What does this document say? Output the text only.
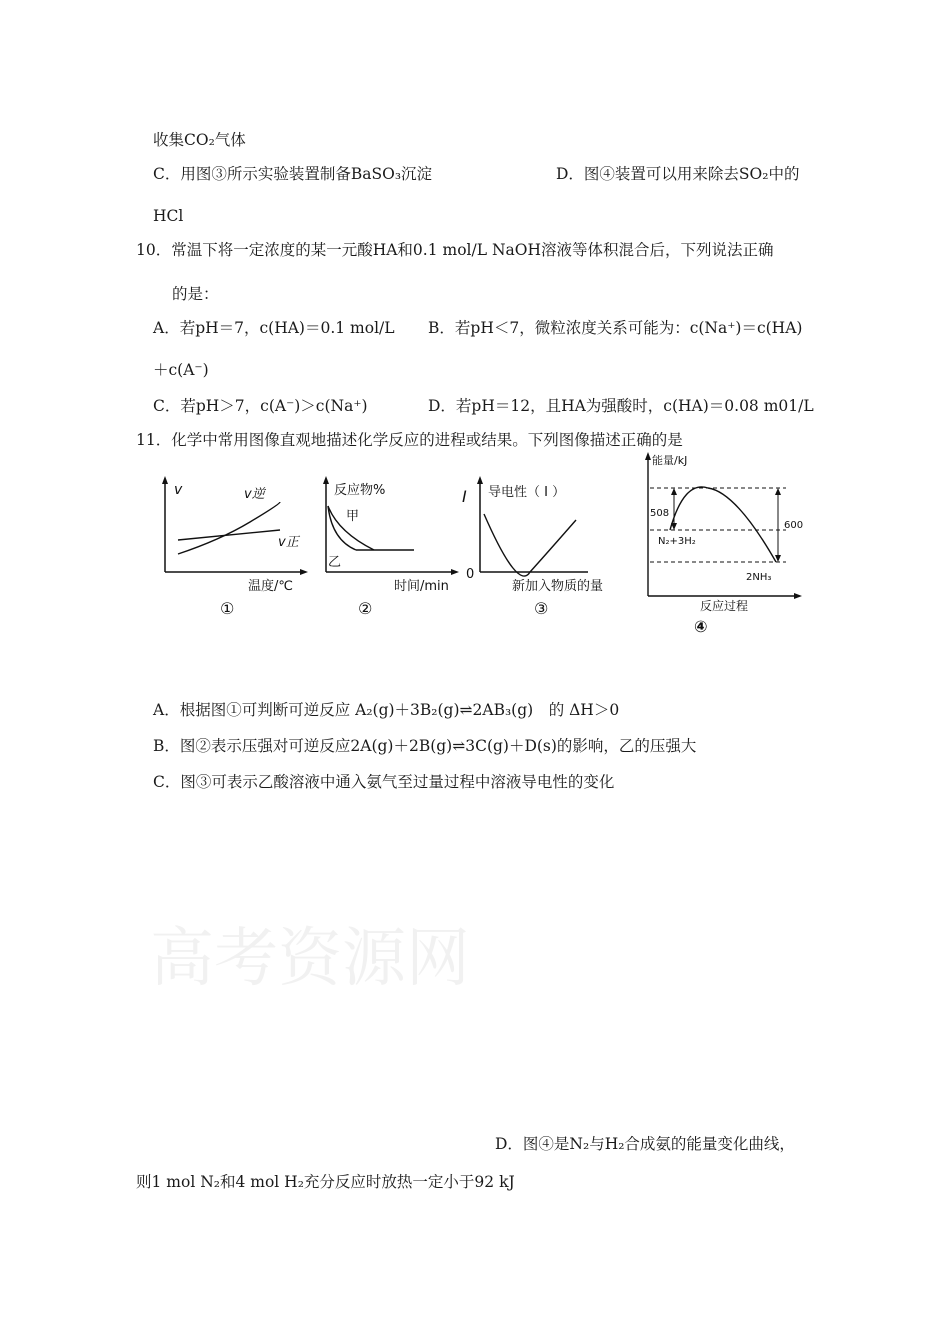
收集CO₂气体
C．用图③所示实验装置制备BaSO₃沉淀	D．图④装置可以用来除去SO₂中的
HCl
10．常温下将一定浓度的某一元酸HA和0.1 mol/L NaOH溶液等体积混合后，下列说法正确
的是：
A．若pH＝7，c(HA)＝0.1 mol/L B．若pH＜7，微粒浓度关系可能为：c(Na⁺)＝c(HA)
＋c(A⁻)
C．若pH＞7，c(A⁻)＞c(Na⁺)	D．若pH＝12，且HA为强酸时，c(HA)＝0.08 m01/L
11．化学中常用图像直观地描述化学反应的进程或结果。下列图像描述正确的是
v	v逆
v正
温度/℃
①
反应物%
甲
乙
时间/min
②
I 导电性（ I ）
0
新加入物质的量
③
能量/kJ
508
600
N₂+3H₂
2NH₃
反应过程
④
A．根据图①可判断可逆反应 A₂(g)＋3B₂(g)⇌2AB₃(g)　的 ΔH＞0
B．图②表示压强对可逆反应2A(g)＋2B(g)⇌3C(g)＋D(s)的影响，乙的压强大
C．图③可表示乙酸溶液中通入氨气至过量过程中溶液导电性的变化
高考资源网
D．图④是N₂与H₂合成氨的能量变化曲线，
则1 mol N₂和4 mol H₂充分反应时放热一定小于92 kJ
